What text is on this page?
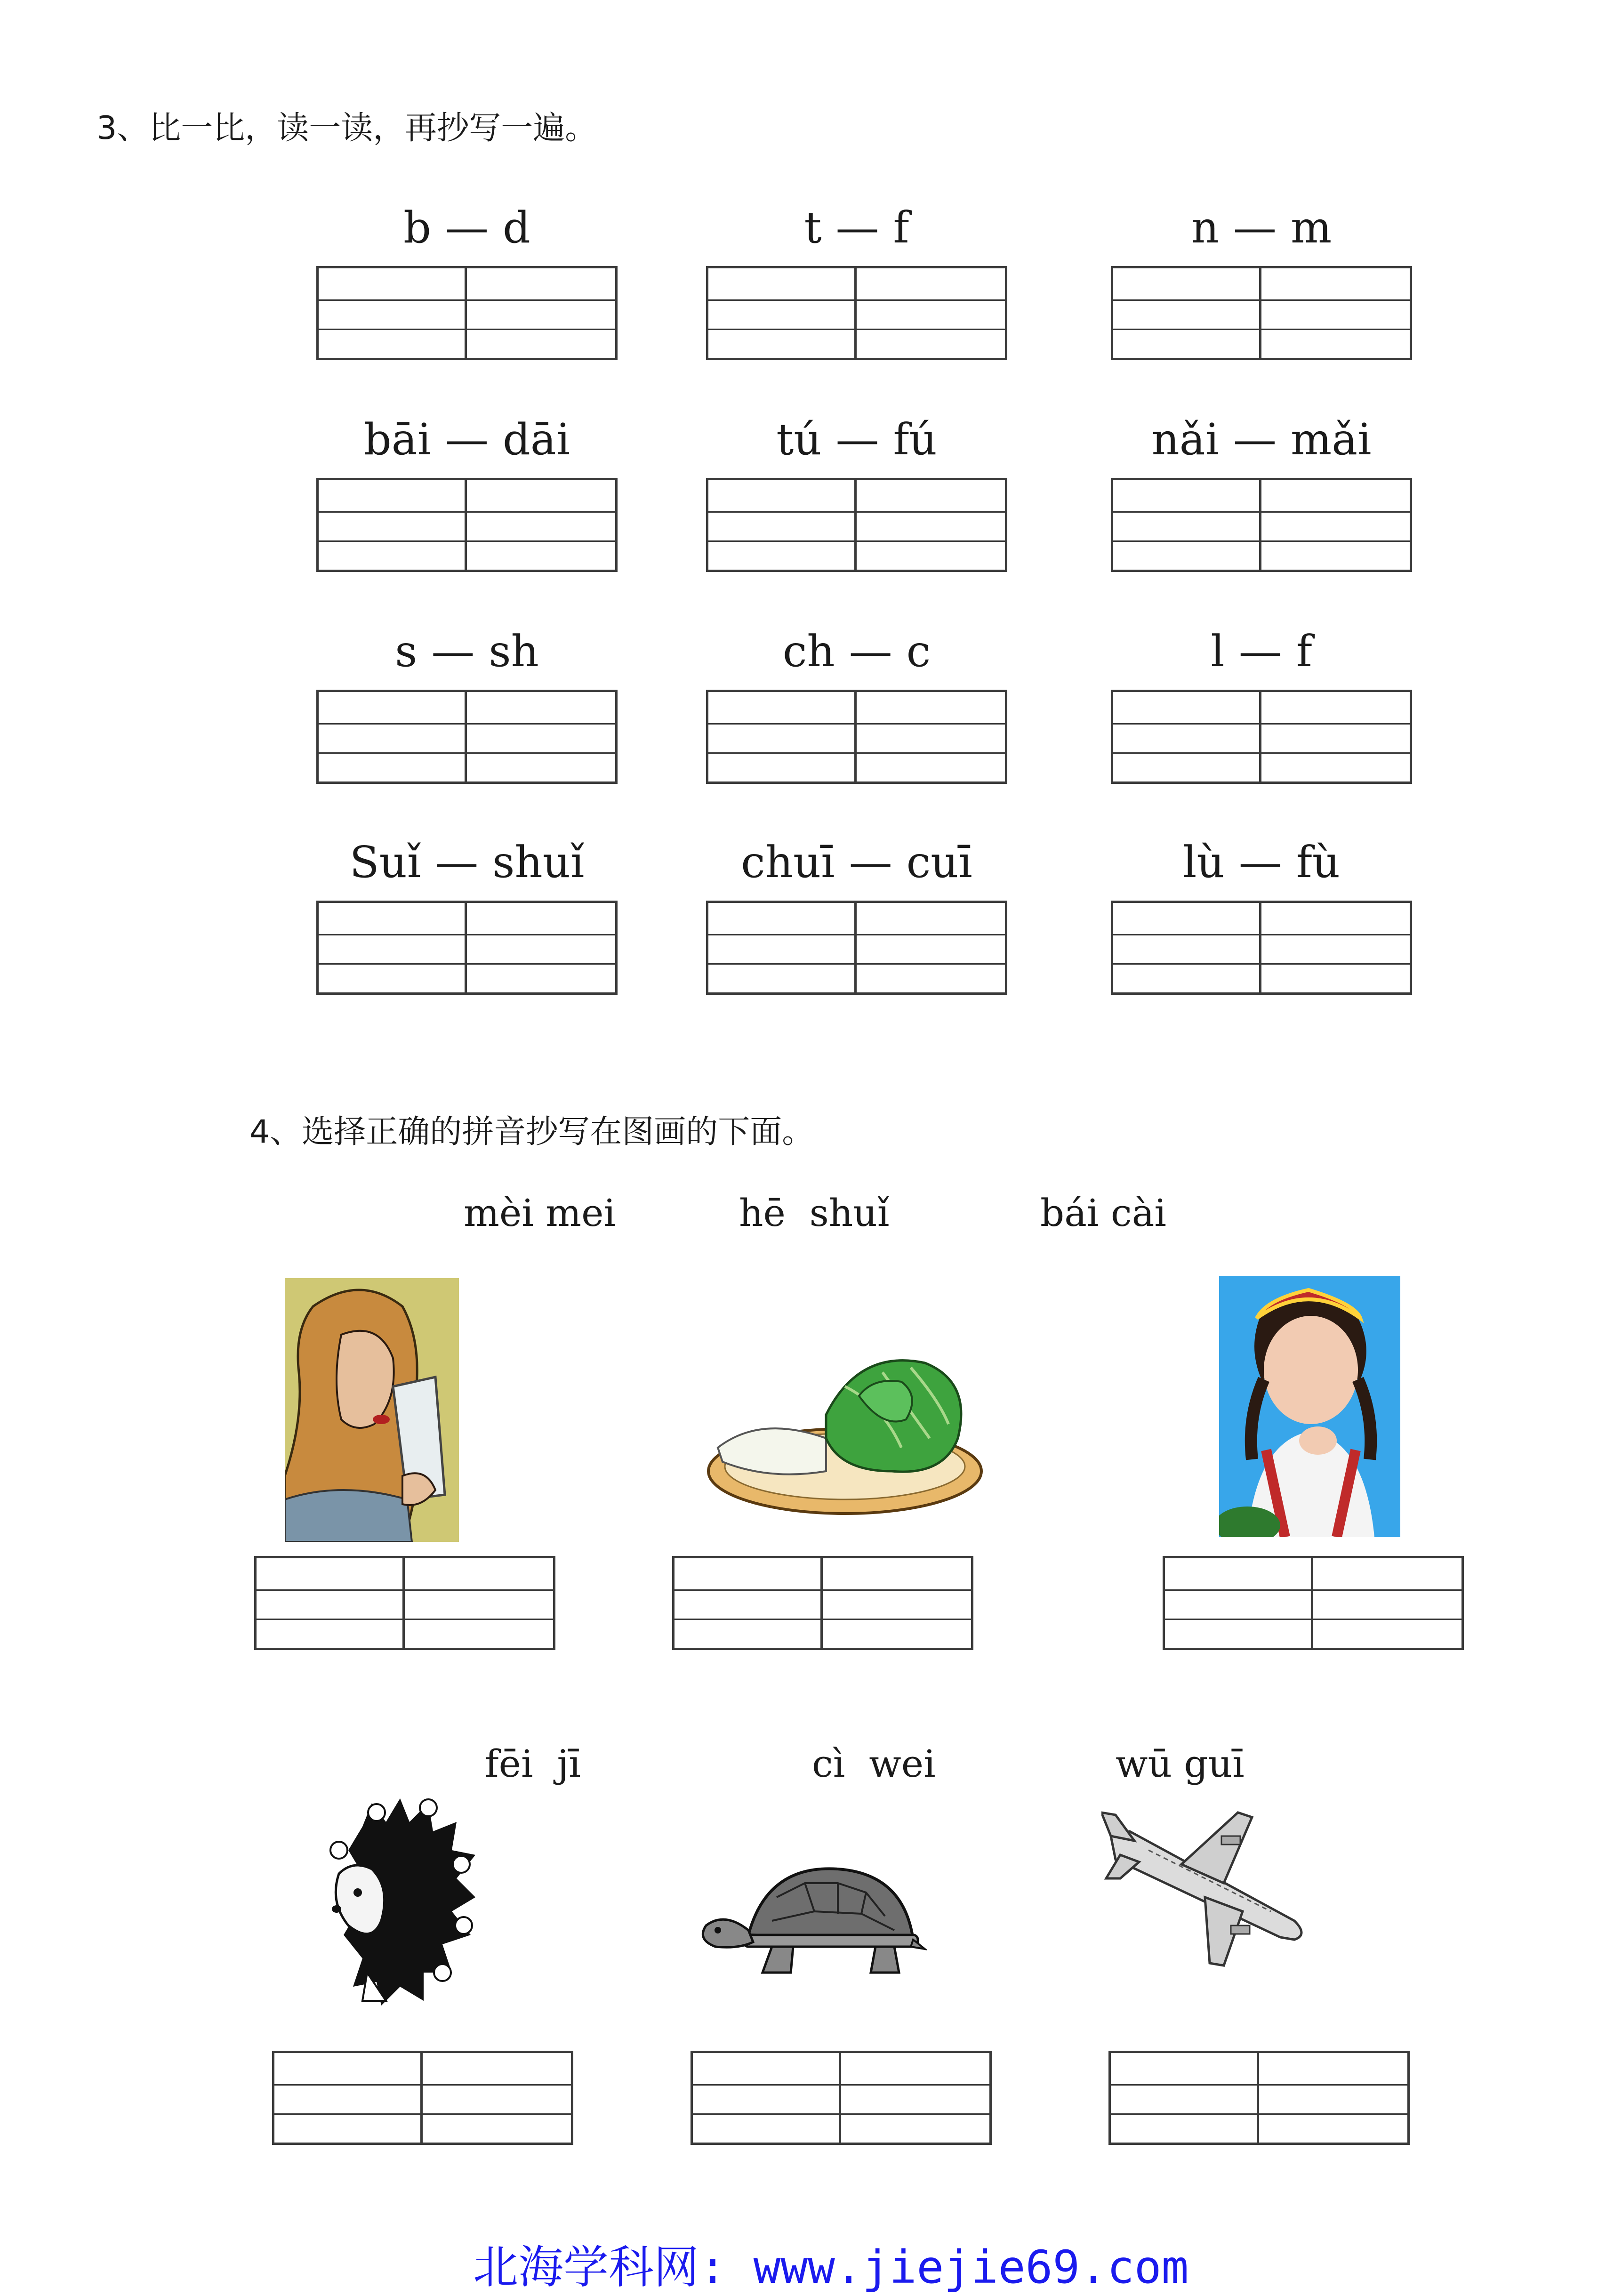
3、比一比，读一读，再抄写一遍。
b — d	t — f	n — m
bāi — dāi	tú — fú	nǎi — mǎi
s — sh	ch — c	l — f
Suǐ — shuǐ	chuī — cuī	lù — fù
4、选择正确的拼音抄写在图画的下面。
mèi mei	hē  shuǐ	bái cài
fēi  jī	cì  wei	wū guī
北海学科网: www.jiejie69.com
